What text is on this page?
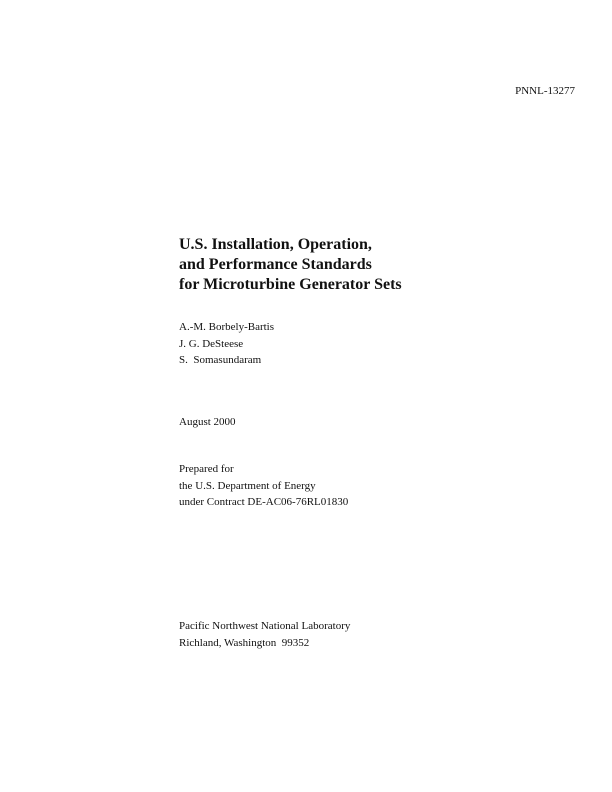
PNNL-13277
U.S. Installation, Operation,
and Performance Standards
for Microturbine Generator Sets
A.-M. Borbely-Bartis
J. G. DeSteese
S.  Somasundaram
August 2000
Prepared for
the U.S. Department of Energy
under Contract DE-AC06-76RL01830
Pacific Northwest National Laboratory
Richland, Washington  99352
